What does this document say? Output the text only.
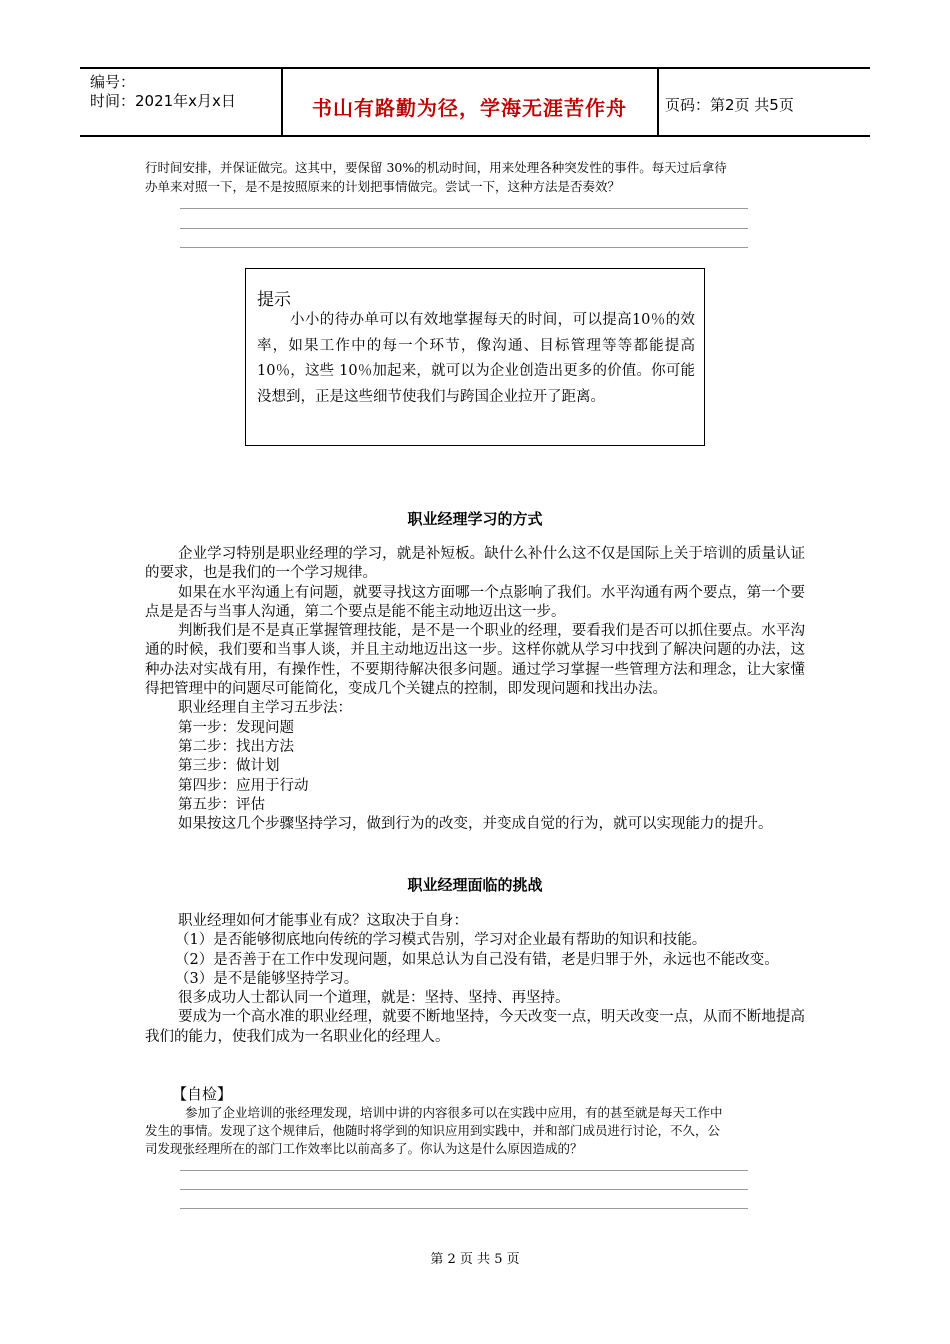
编号：
时间：2021年x月x日	书山有路勤为径，学海无涯苦作舟	页码：第2页 共5页
行时间安排，并保证做完。这其中，要保留 30%的机动时间，用来处理各种突发性的事件。每天过后拿待
办单来对照一下，是不是按照原来的计划把事情做完。尝试一下，这种方法是否奏效？
提示
小小的待办单可以有效地掌握每天的时间，可以提高10％的效率，如果工作中的每一个环节，像沟通、目标管理等等都能提高 10％，这些 10％加起来，就可以为企业创造出更多的价值。你可能没想到，正是这些细节使我们与跨国企业拉开了距离。
职业经理学习的方式

企业学习特别是职业经理的学习，就是补短板。缺什么补什么这不仅是国际上关于培训的质量认证的要求，也是我们的一个学习规律。

如果在水平沟通上有问题，就要寻找这方面哪一个点影响了我们。水平沟通有两个要点，第一个要点是是否与当事人沟通，第二个要点是能不能主动地迈出这一步。

判断我们是不是真正掌握管理技能，是不是一个职业的经理，要看我们是否可以抓住要点。水平沟通的时候，我们要和当事人谈，并且主动地迈出这一步。这样你就从学习中找到了解决问题的办法，这种办法对实战有用，有操作性，不要期待解决很多问题。通过学习掌握一些管理方法和理念，让大家懂得把管理中的问题尽可能简化，变成几个关键点的控制，即发现问题和找出办法。

职业经理自主学习五步法：

第一步：发现问题

第二步：找出方法

第三步：做计划

第四步：应用于行动

第五步：评估

如果按这几个步骤坚持学习，做到行为的改变，并变成自觉的行为，就可以实现能力的提升。

职业经理面临的挑战

职业经理如何才能事业有成？这取决于自身：

（1）是否能够彻底地向传统的学习模式告别，学习对企业最有帮助的知识和技能。

（2）是否善于在工作中发现问题，如果总认为自己没有错，老是归罪于外，永远也不能改变。

（3）是不是能够坚持学习。

很多成功人士都认同一个道理，就是：坚持、坚持、再坚持。

要成为一个高水准的职业经理，就要不断地坚持，今天改变一点，明天改变一点，从而不断地提高我们的能力，使我们成为一名职业化的经理人。

【自检】
参加了企业培训的张经理发现，培训中讲的内容很多可以在实践中应用，有的甚至就是每天工作中
发生的事情。发现了这个规律后，他随时将学到的知识应用到实践中，并和部门成员进行讨论，不久，公
司发现张经理所在的部门工作效率比以前高多了。你认为这是什么原因造成的？
第 2 页 共 5 页
